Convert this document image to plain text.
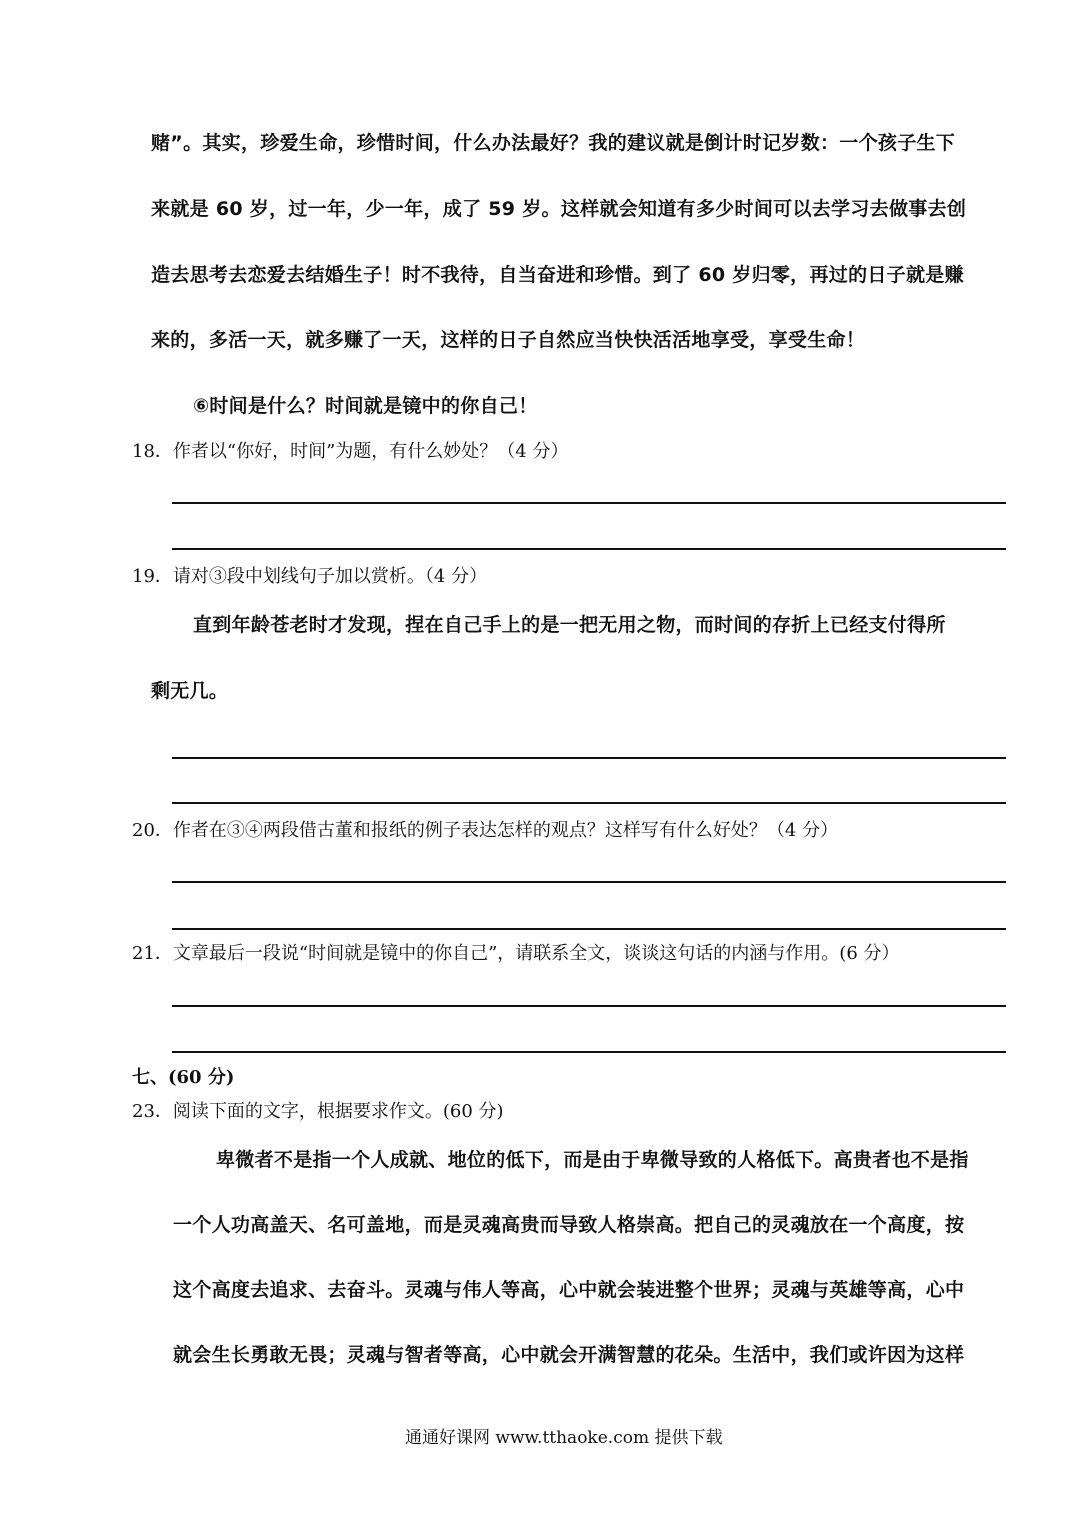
赌”。其实，珍爱生命，珍惜时间，什么办法最好？我的建议就是倒计时记岁数：一个孩子生下
来就是 60 岁，过一年，少一年，成了 59 岁。这样就会知道有多少时间可以去学习去做事去创
造去思考去恋爱去结婚生子！时不我待，自当奋进和珍惜。到了 60 岁归零，再过的日子就是赚
来的，多活一天，就多赚了一天，这样的日子自然应当快快活活地享受，享受生命！
⑥时间是什么？时间就是镜中的你自己！
18．作者以“你好，时间”为题，有什么妙处？（4 分）
19．请对③段中划线句子加以赏析。（4 分）
直到年龄苍老时才发现，捏在自己手上的是一把无用之物，而时间的存折上已经支付得所
剩无几。
20．作者在③④两段借古董和报纸的例子表达怎样的观点？这样写有什么好处？（4 分）
21．文章最后一段说“时间就是镜中的你自己”，请联系全文，谈谈这句话的内涵与作用。(6 分）
七、(60 分)
23．阅读下面的文字，根据要求作文。(60 分)
卑微者不是指一个人成就、地位的低下，而是由于卑微导致的人格低下。高贵者也不是指
一个人功高盖天、名可盖地，而是灵魂高贵而导致人格崇高。把自己的灵魂放在一个高度，按
这个高度去追求、去奋斗。灵魂与伟人等高，心中就会装进整个世界；灵魂与英雄等高，心中
就会生长勇敢无畏；灵魂与智者等高，心中就会开满智慧的花朵。生活中，我们或许因为这样
通通好课网 www.tthaoke.com 提供下载
